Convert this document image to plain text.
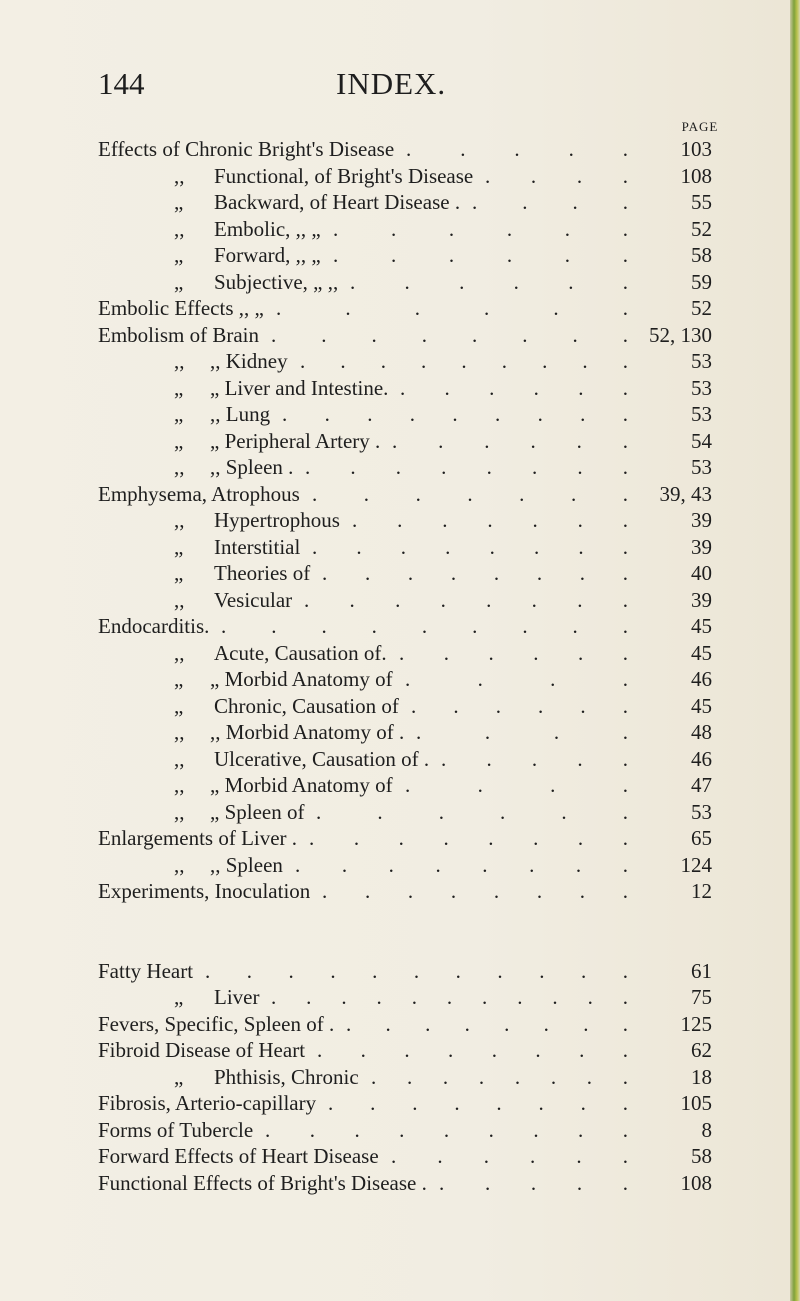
144	INDEX.
PAGE
Effects of Chronic Bright's Disease . . . . .	103
,, Functional, of Bright's Disease . . . .	108
„ Backward, of Heart Disease . . . . .	55
,, Embolic, ,, „ . . . . . .	52
„ Forward, ,, „ . . . . . .	58
„ Subjective, „ ,, . . . . . .	59
Embolic Effects ,, „ . . . . . .	52
Embolism of Brain . . . . . . . .	52, 130
,, ,, Kidney . . . . . . . . .	53
„ „ Liver and Intestine. . . . . . .	53
„ ,, Lung . . . . . . . . .	53
„ „ Peripheral Artery . . . . . . .	54
,, ,, Spleen . . . . . . . . .	53
Emphysema, Atrophous . . . . . . .	39, 43
,, Hypertrophous . . . . . . .	39
„ Interstitial . . . . . . . .	39
„ Theories of . . . . . . . .	40
,, Vesicular . . . . . . . .	39
Endocarditis. . . . . . . . . .	45
,, Acute, Causation of. . . . . . .	45
„ „ Morbid Anatomy of . . . .	46
„ Chronic, Causation of . . . . . .	45
,, ,, Morbid Anatomy of . . . . .	48
,, Ulcerative, Causation of . . . . . .	46
,, „ Morbid Anatomy of . . . .	47
,, „ Spleen of . . . . . .	53
Enlargements of Liver . . . . . . . . .	65
,, ,, Spleen . . . . . . . .	124
Experiments, Inoculation . . . . . . . .	12
Fatty Heart . . . . . . . . . . .	61
„ Liver . . . . . . . . . . .	75
Fevers, Specific, Spleen of . . . . . . . . .	125
Fibroid Disease of Heart . . . . . . . .	62
„ Phthisis, Chronic . . . . . . . .	18
Fibrosis, Arterio-capillary . . . . . . . .	105
Forms of Tubercle . . . . . . . . .	8
Forward Effects of Heart Disease . . . . . .	58
Functional Effects of Bright's Disease . . . . . .	108
